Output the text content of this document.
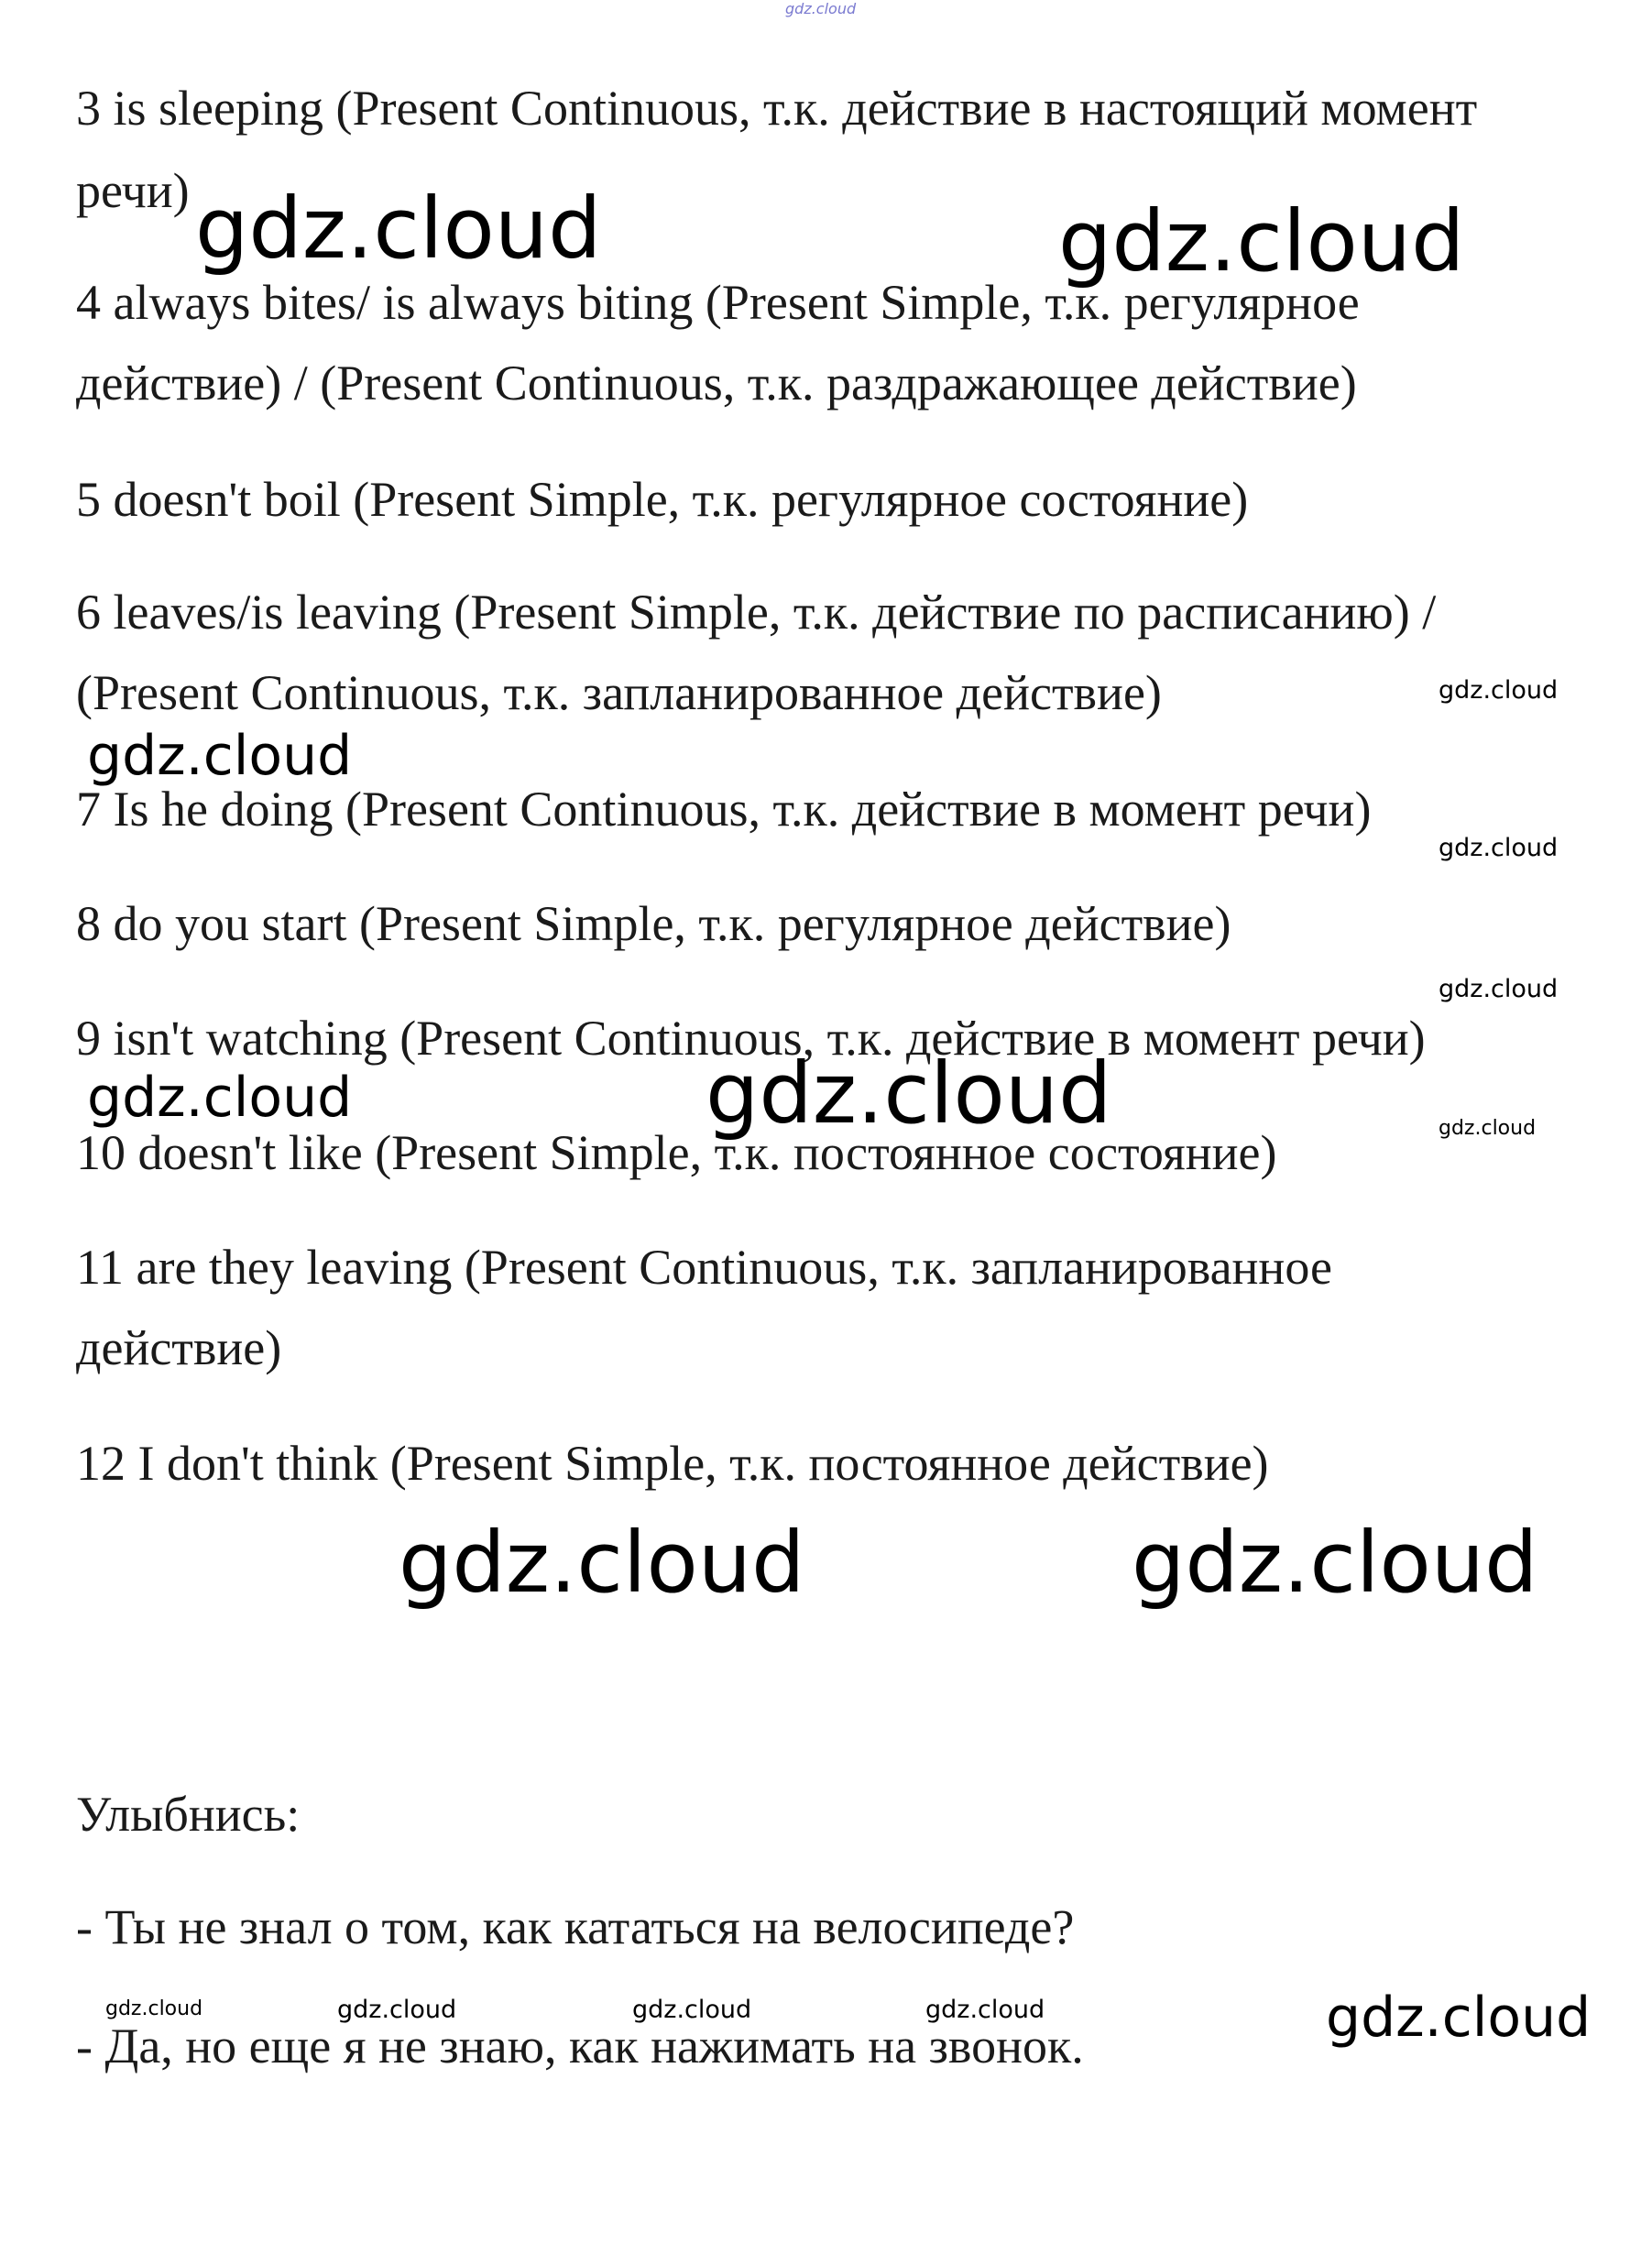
gdz.cloud
3 is sleeping (Present Continuous, т.к. действие в настоящий момент
речи)
4 always bites/ is always biting (Present Simple, т.к. регулярное
действие) / (Present Continuous, т.к. раздражающее действие)
5 doesn't boil (Present Simple, т.к. регулярное состояние)
6 leaves/is leaving (Present Simple, т.к. действие по расписанию) /
(Present Continuous, т.к. запланированное действие)
7 Is he doing (Present Continuous, т.к. действие в момент речи)
8 do you start (Present Simple, т.к. регулярное действие)
9 isn't watching (Present Continuous, т.к. действие в момент речи)
10 doesn't like (Present Simple, т.к. постоянное состояние)
11 are they leaving (Present Continuous, т.к. запланированное
действие)
12 I don't think (Present Simple, т.к. постоянное действие)
Улыбнись:
- Ты не знал о том, как кататься на велосипеде?
- Да, но еще я не знаю, как нажимать на звонок.
gdz.cloud	gdz.cloud
gdz.cloud
gdz.cloud
gdz.cloud
gdz.cloud
gdz.cloud	gdz.cloud	gdz.cloud
gdz.cloud	gdz.cloud
gdz.cloud	gdz.cloud	gdz.cloud	gdz.cloud	gdz.cloud
